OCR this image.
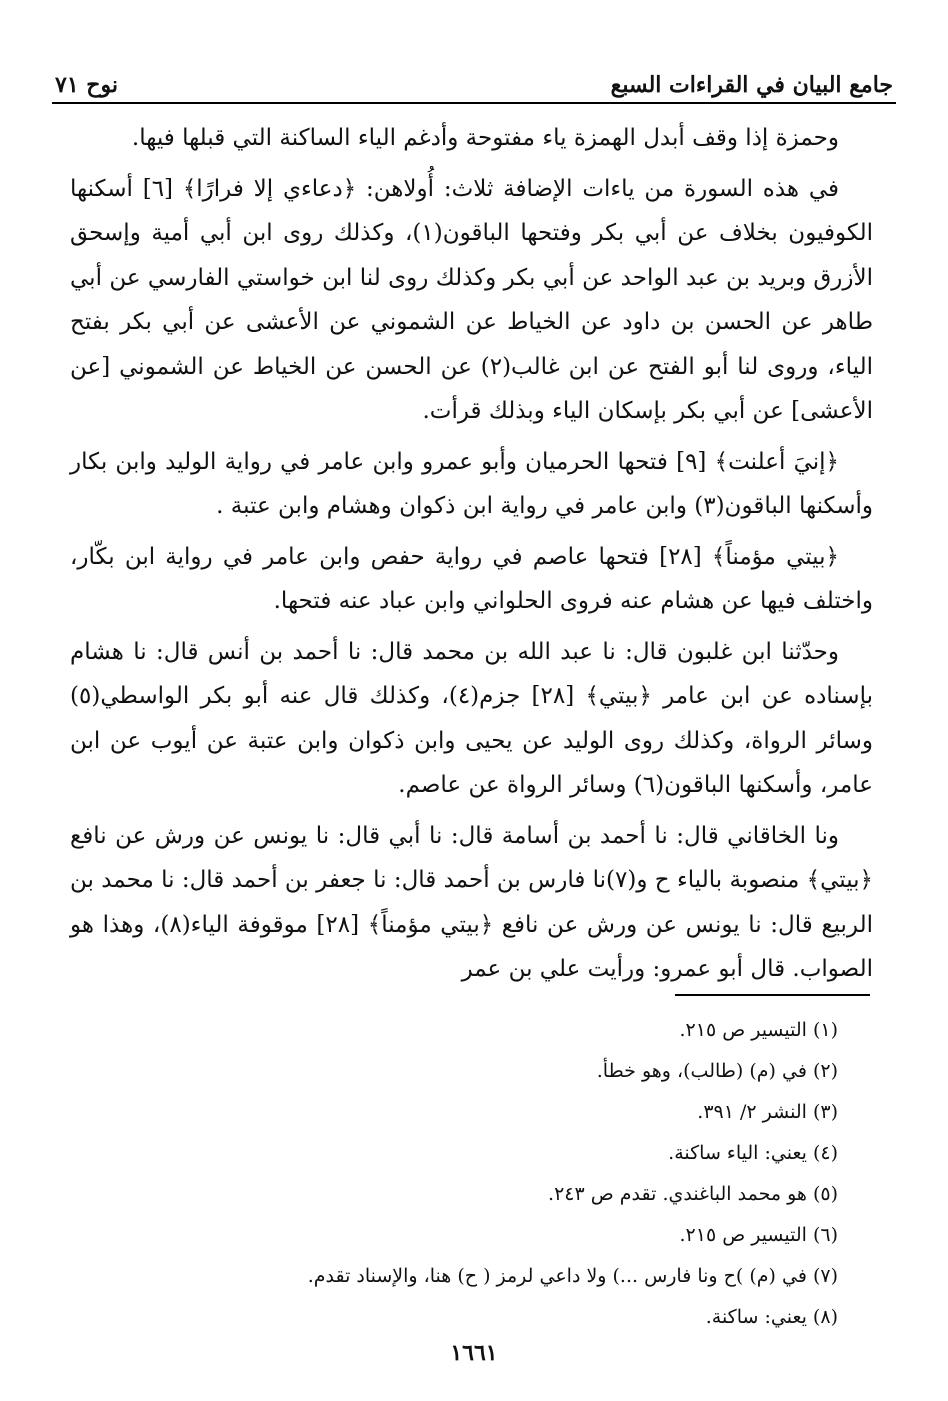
جامع البيان في القراءات السبع
نوح ٧١

وحمزة إذا وقف أبدل الهمزة ياء مفتوحة وأدغم الياء الساكنة التي قبلها فيها.

في هذه السورة من ياءات الإضافة ثلاث: أُولاهن: ﴿دعاءي إلا فرارًا﴾ [٦] أسكنها الكوفيون بخلاف عن أبي بكر وفتحها الباقون(١)، وكذلك روى ابن أبي أمية وإسحق الأزرق وبريد بن عبد الواحد عن أبي بكر وكذلك روى لنا ابن خواستي الفارسي عن أبي طاهر عن الحسن بن داود عن الخياط عن الشموني عن الأعشى عن أبي بكر بفتح الياء، وروى لنا أبو الفتح عن ابن غالب(٢) عن الحسن عن الخياط عن الشموني [عن الأعشى] عن أبي بكر بإسكان الياء وبذلك قرأت.

﴿إنيَ أعلنت﴾ [٩] فتحها الحرميان وأبو عمرو وابن عامر في رواية الوليد وابن بكار وأسكنها الباقون(٣) وابن عامر في رواية ابن ذكوان وهشام وابن عتبة .

﴿بيتي مؤمناً﴾ [٢٨] فتحها عاصم في رواية حفص وابن عامر في رواية ابن بكّار، واختلف فيها عن هشام عنه فروى الحلواني وابن عباد عنه فتحها.

وحدّثنا ابن غلبون قال: نا عبد الله بن محمد قال: نا أحمد بن أنس قال: نا هشام بإسناده عن ابن عامر ﴿بيتي﴾ [٢٨] جزم(٤)، وكذلك قال عنه أبو بكر الواسطي(٥) وسائر الرواة، وكذلك روى الوليد عن يحيى وابن ذكوان وابن عتبة عن أيوب عن ابن عامر، وأسكنها الباقون(٦) وسائر الرواة عن عاصم.

ونا الخاقاني قال: نا أحمد بن أسامة قال: نا أبي قال: نا يونس عن ورش عن نافع ﴿بيتي﴾ منصوبة بالياء ح و(٧)نا فارس بن أحمد قال: نا جعفر بن أحمد قال: نا محمد بن الربيع قال: نا يونس عن ورش عن نافع ﴿بيتي مؤمناً﴾ [٢٨] موقوفة الياء(٨)، وهذا هو الصواب. قال أبو عمرو: ورأيت علي بن عمر

(١) التيسير ص ٢١٥.
(٢) في (م) (طالب)، وهو خطأ.
(٣) النشر ٢/ ٣٩١.
(٤) يعني: الياء ساكنة.
(٥) هو محمد الباغندي. تقدم ص ٢٤٣.
(٦) التيسير ص ٢١٥.
(٧) في (م) )ح ونا فارس ...) ولا داعي لرمز ( ح) هنا، والإسناد تقدم.
(٨) يعني: ساكنة.
١٦٦١
